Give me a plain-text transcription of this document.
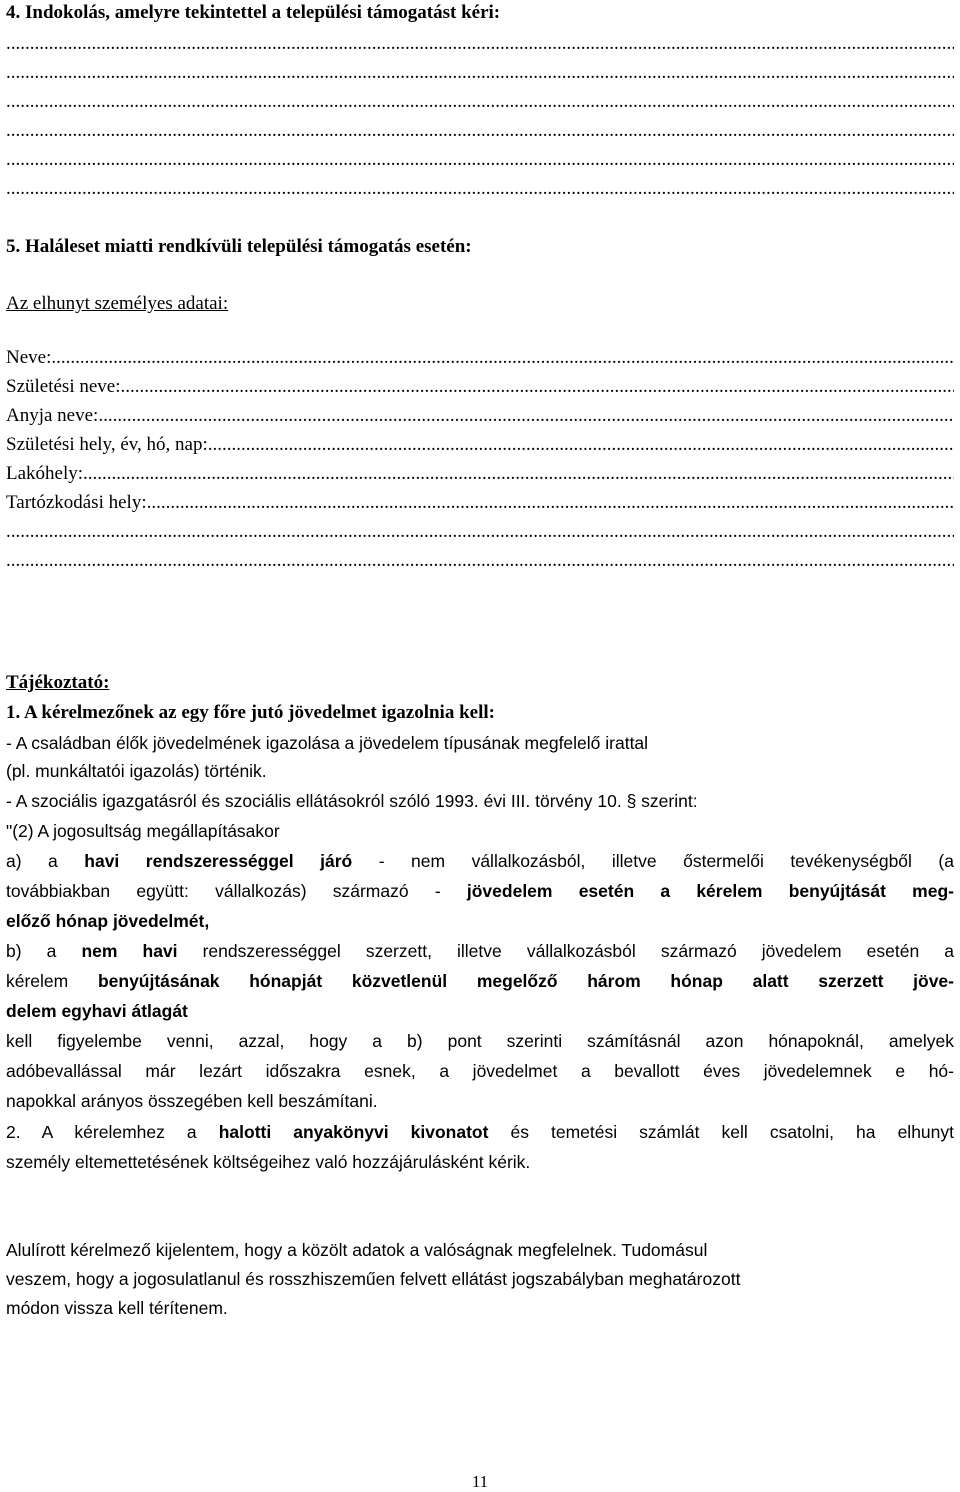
4. Indokolás, amelyre tekintettel a települési támogatást kéri:
.....
.....
.....
.....
.....
.....
5. Haláleset miatti rendkívüli települési támogatás esetén:
Az elhunyt személyes adatai:
Neve:
.....
Születési neve:
.....
Anyja neve:
.....
Születési hely, év, hó, nap:
.....
Lakóhely:
.....
Tartózkodási hely:
.....
.....
.....
Tájékoztató:
1. A kérelmezőnek az egy főre jutó jövedelmet igazolnia kell:
- A családban élők jövedelmének igazolása a jövedelem típusának megfelelő irattal
(pl. munkáltatói igazolás) történik.
- A szociális igazgatásról és szociális ellátásokról szóló 1993. évi III. törvény 10. § szerint:
"(2) A jogosultság megállapításakor
a) a havi rendszerességgel járó - nem vállalkozásból, illetve őstermelői tevékenységből (a
továbbiakban együtt: vállalkozás) származó - jövedelem esetén a kérelem benyújtását meg-
előző hónap jövedelmét,
b) a nem havi rendszerességgel szerzett, illetve vállalkozásból származó jövedelem esetén a
kérelem benyújtásának hónapját közvetlenül megelőző három hónap alatt szerzett jöve-
delem egyhavi átlagát
kell figyelembe venni, azzal, hogy a b) pont szerinti számításnál azon hónapoknál, amelyek
adóbevallással már lezárt időszakra esnek, a jövedelmet a bevallott éves jövedelemnek e hó-
napokkal arányos összegében kell beszámítani.
2. A kérelemhez a halotti anyakönyvi kivonatot és temetési számlát kell csatolni, ha elhunyt
személy eltemettetésének költségeihez való hozzájárulásként kérik.
Alulírott kérelmező kijelentem, hogy a közölt adatok a valóságnak megfelelnek. Tudomásul
veszem, hogy a jogosulatlanul és rosszhiszeműen felvett ellátást jogszabályban meghatározott
módon vissza kell térítenem.
11
